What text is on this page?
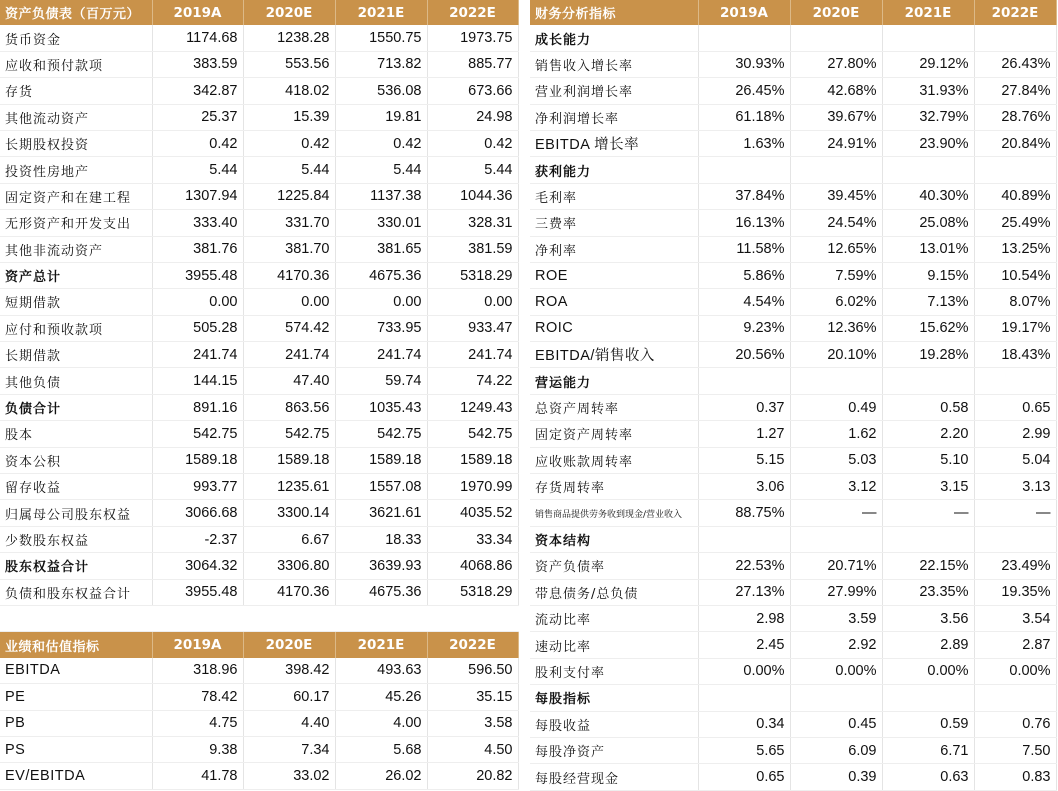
资产负债表（百万元）	2019A	2020E	2021E	2022E
货币资金	1174.68	1238.28	1550.75	1973.75
应收和预付款项	383.59	553.56	713.82	885.77
存货	342.87	418.02	536.08	673.66
其他流动资产	25.37	15.39	19.81	24.98
长期股权投资	0.42	0.42	0.42	0.42
投资性房地产	5.44	5.44	5.44	5.44
固定资产和在建工程	1307.94	1225.84	1137.38	1044.36
无形资产和开发支出	333.40	331.70	330.01	328.31
其他非流动资产	381.76	381.70	381.65	381.59
资产总计	3955.48	4170.36	4675.36	5318.29
短期借款	0.00	0.00	0.00	0.00
应付和预收款项	505.28	574.42	733.95	933.47
长期借款	241.74	241.74	241.74	241.74
其他负债	144.15	47.40	59.74	74.22
负债合计	891.16	863.56	1035.43	1249.43
股本	542.75	542.75	542.75	542.75
资本公积	1589.18	1589.18	1589.18	1589.18
留存收益	993.77	1235.61	1557.08	1970.99
归属母公司股东权益	3066.68	3300.14	3621.61	4035.52
少数股东权益	-2.37	6.67	18.33	33.34
股东权益合计	3064.32	3306.80	3639.93	4068.86
负债和股东权益合计	3955.48	4170.36	4675.36	5318.29

业绩和估值指标	2019A	2020E	2021E	2022E
EBITDA	318.96	398.42	493.63	596.50
PE	78.42	60.17	45.26	35.15
PB	4.75	4.40	4.00	3.58
PS	9.38	7.34	5.68	4.50
EV/EBITDA	41.78	33.02	26.02	20.82
财务分析指标	2019A	2020E	2021E	2022E
成长能力				
销售收入增长率	30.93%	27.80%	29.12%	26.43%
营业利润增长率	26.45%	42.68%	31.93%	27.84%
净利润增长率	61.18%	39.67%	32.79%	28.76%
EBITDA 增长率	1.63%	24.91%	23.90%	20.84%
获利能力				
毛利率	37.84%	39.45%	40.30%	40.89%
三费率	16.13%	24.54%	25.08%	25.49%
净利率	11.58%	12.65%	13.01%	13.25%
ROE	5.86%	7.59%	9.15%	10.54%
ROA	4.54%	6.02%	7.13%	8.07%
ROIC	9.23%	12.36%	15.62%	19.17%
EBITDA/销售收入	20.56%	20.10%	19.28%	18.43%
营运能力				
总资产周转率	0.37	0.49	0.58	0.65
固定资产周转率	1.27	1.62	2.20	2.99
应收账款周转率	5.15	5.03	5.10	5.04
存货周转率	3.06	3.12	3.15	3.13
销售商品提供劳务收到现金/营业收入	88.75%	—	—	—
资本结构				
资产负债率	22.53%	20.71%	22.15%	23.49%
带息债务/总负债	27.13%	27.99%	23.35%	19.35%
流动比率	2.98	3.59	3.56	3.54
速动比率	2.45	2.92	2.89	2.87
股利支付率	0.00%	0.00%	0.00%	0.00%
每股指标				
每股收益	0.34	0.45	0.59	0.76
每股净资产	5.65	6.09	6.71	7.50
每股经营现金	0.65	0.39	0.63	0.83
